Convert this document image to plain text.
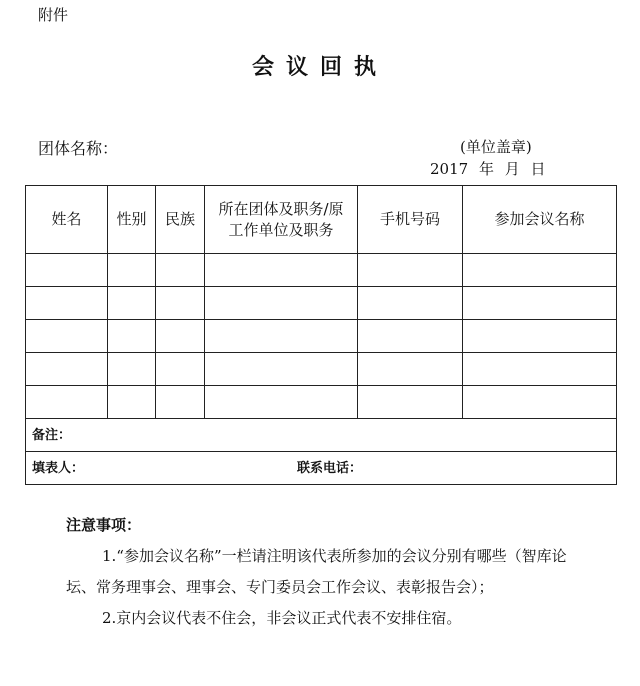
附件
会议回执
团体名称：	(单位盖章)
2017 年 月 日
姓名	性别	民族	所在团体及职务/原工作单位及职务	手机号码	参加会议名称

备注：					
填表人： 联系电话：					
注意事项：

1.“参加会议名称”一栏请注明该代表所参加的会议分别有哪些（智库论坛、常务理事会、理事会、专门委员会工作会议、表彰报告会）；

2.京内会议代表不住会，非会议正式代表不安排住宿。
